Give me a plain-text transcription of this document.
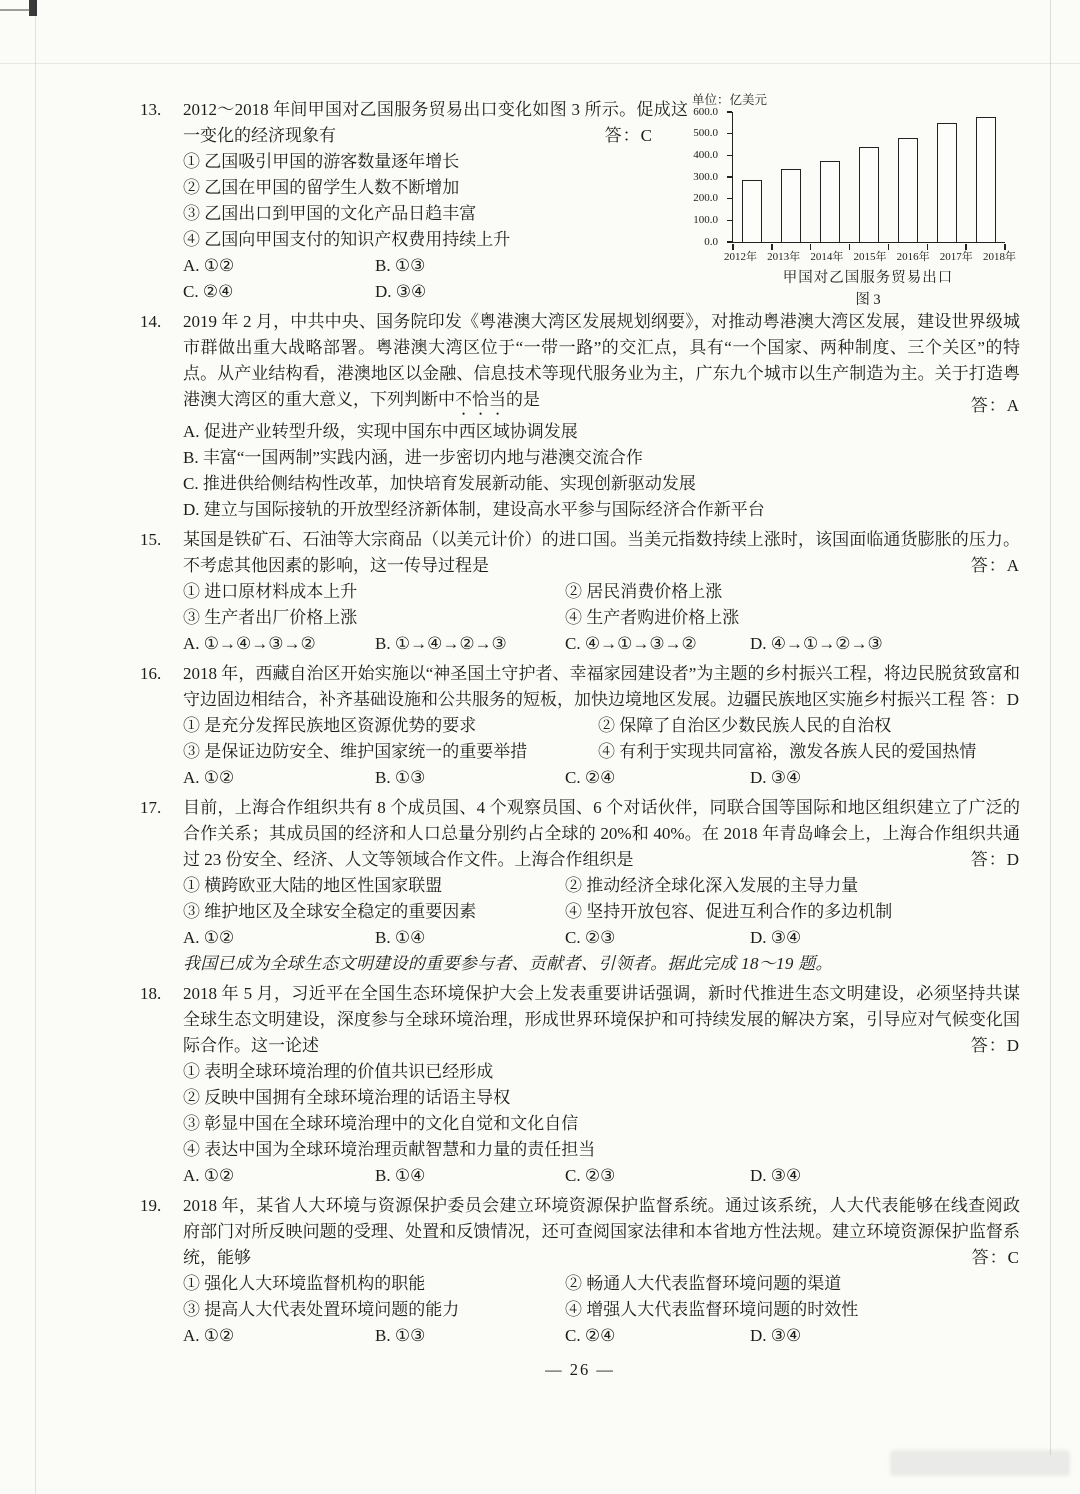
单位：亿美元
600.0
500.0
400.0
300.0
200.0
100.0
0.0
2012年 2013年 2014年 2015年 2016年 2017年 2018年
甲国对乙国服务贸易出口
图 3
13. 2012～2018 年间甲国对乙国服务贸易出口变化如图 3 所示。促成这一变化的经济现象有	答：C
① 乙国吸引甲国的游客数量逐年增长
② 乙国在甲国的留学生人数不断增加
③ 乙国出口到甲国的文化产品日趋丰富
④ 乙国向甲国支付的知识产权费用持续上升
A. ①②	B. ①③
C. ②④	D. ③④
14. 2019 年 2 月，中共中央、国务院印发《粤港澳大湾区发展规划纲要》，对推动粤港澳大湾区发展，建设世界级城市群做出重大战略部署。粤港澳大湾区位于“一带一路”的交汇点，具有“一个国家、两种制度、三个关区”的特点。从产业结构看，港澳地区以金融、信息技术等现代服务业为主，广东九个城市以生产制造为主。关于打造粤港澳大湾区的重大意义，下列判断中不恰当的是	答：A
A. 促进产业转型升级，实现中国东中西区域协调发展
B. 丰富“一国两制”实践内涵，进一步密切内地与港澳交流合作
C. 推进供给侧结构性改革，加快培育发展新动能、实现创新驱动发展
D. 建立与国际接轨的开放型经济新体制，建设高水平参与国际经济合作新平台
15. 某国是铁矿石、石油等大宗商品（以美元计价）的进口国。当美元指数持续上涨时，该国面临通货膨胀的压力。不考虑其他因素的影响，这一传导过程是	答：A
① 进口原材料成本上升	② 居民消费价格上涨
③ 生产者出厂价格上涨	④ 生产者购进价格上涨
A. ①→④→③→②	B. ①→④→②→③	C. ④→①→③→②	D. ④→①→②→③
16. 2018 年，西藏自治区开始实施以“神圣国土守护者、幸福家园建设者”为主题的乡村振兴工程，将边民脱贫致富和守边固边相结合，补齐基础设施和公共服务的短板，加快边境地区发展。边疆民族地区实施乡村振兴工程 答：D
① 是充分发挥民族地区资源优势的要求	② 保障了自治区少数民族人民的自治权
③ 是保证边防安全、维护国家统一的重要举措	④ 有利于实现共同富裕，激发各族人民的爱国热情
A. ①②	B. ①③	C. ②④	D. ③④
17. 目前，上海合作组织共有 8 个成员国、4 个观察员国、6 个对话伙伴，同联合国等国际和地区组织建立了广泛的合作关系；其成员国的经济和人口总量分别约占全球的 20%和 40%。在 2018 年青岛峰会上，上海合作组织共通过 23 份安全、经济、人文等领域合作文件。上海合作组织是	答：D
① 横跨欧亚大陆的地区性国家联盟	② 推动经济全球化深入发展的主导力量
③ 维护地区及全球安全稳定的重要因素	④ 坚持开放包容、促进互利合作的多边机制
A. ①②	B. ①④	C. ②③	D. ③④
我国已成为全球生态文明建设的重要参与者、贡献者、引领者。据此完成 18～19 题。
18. 2018 年 5 月，习近平在全国生态环境保护大会上发表重要讲话强调，新时代推进生态文明建设，必须坚持共谋全球生态文明建设，深度参与全球环境治理，形成世界环境保护和可持续发展的解决方案，引导应对气候变化国际合作。这一论述	答：D
① 表明全球环境治理的价值共识已经形成
② 反映中国拥有全球环境治理的话语主导权
③ 彰显中国在全球环境治理中的文化自觉和文化自信
④ 表达中国为全球环境治理贡献智慧和力量的责任担当
A. ①②	B. ①④	C. ②③	D. ③④
19. 2018 年，某省人大环境与资源保护委员会建立环境资源保护监督系统。通过该系统，人大代表能够在线查阅政府部门对所反映问题的受理、处置和反馈情况，还可查阅国家法律和本省地方性法规。建立环境资源保护监督系统，能够	答：C
① 强化人大环境监督机构的职能	② 畅通人大代表监督环境问题的渠道
③ 提高人大代表处置环境问题的能力	④ 增强人大代表监督环境问题的时效性
A. ①②	B. ①③	C. ②④	D. ③④
— 26 —
